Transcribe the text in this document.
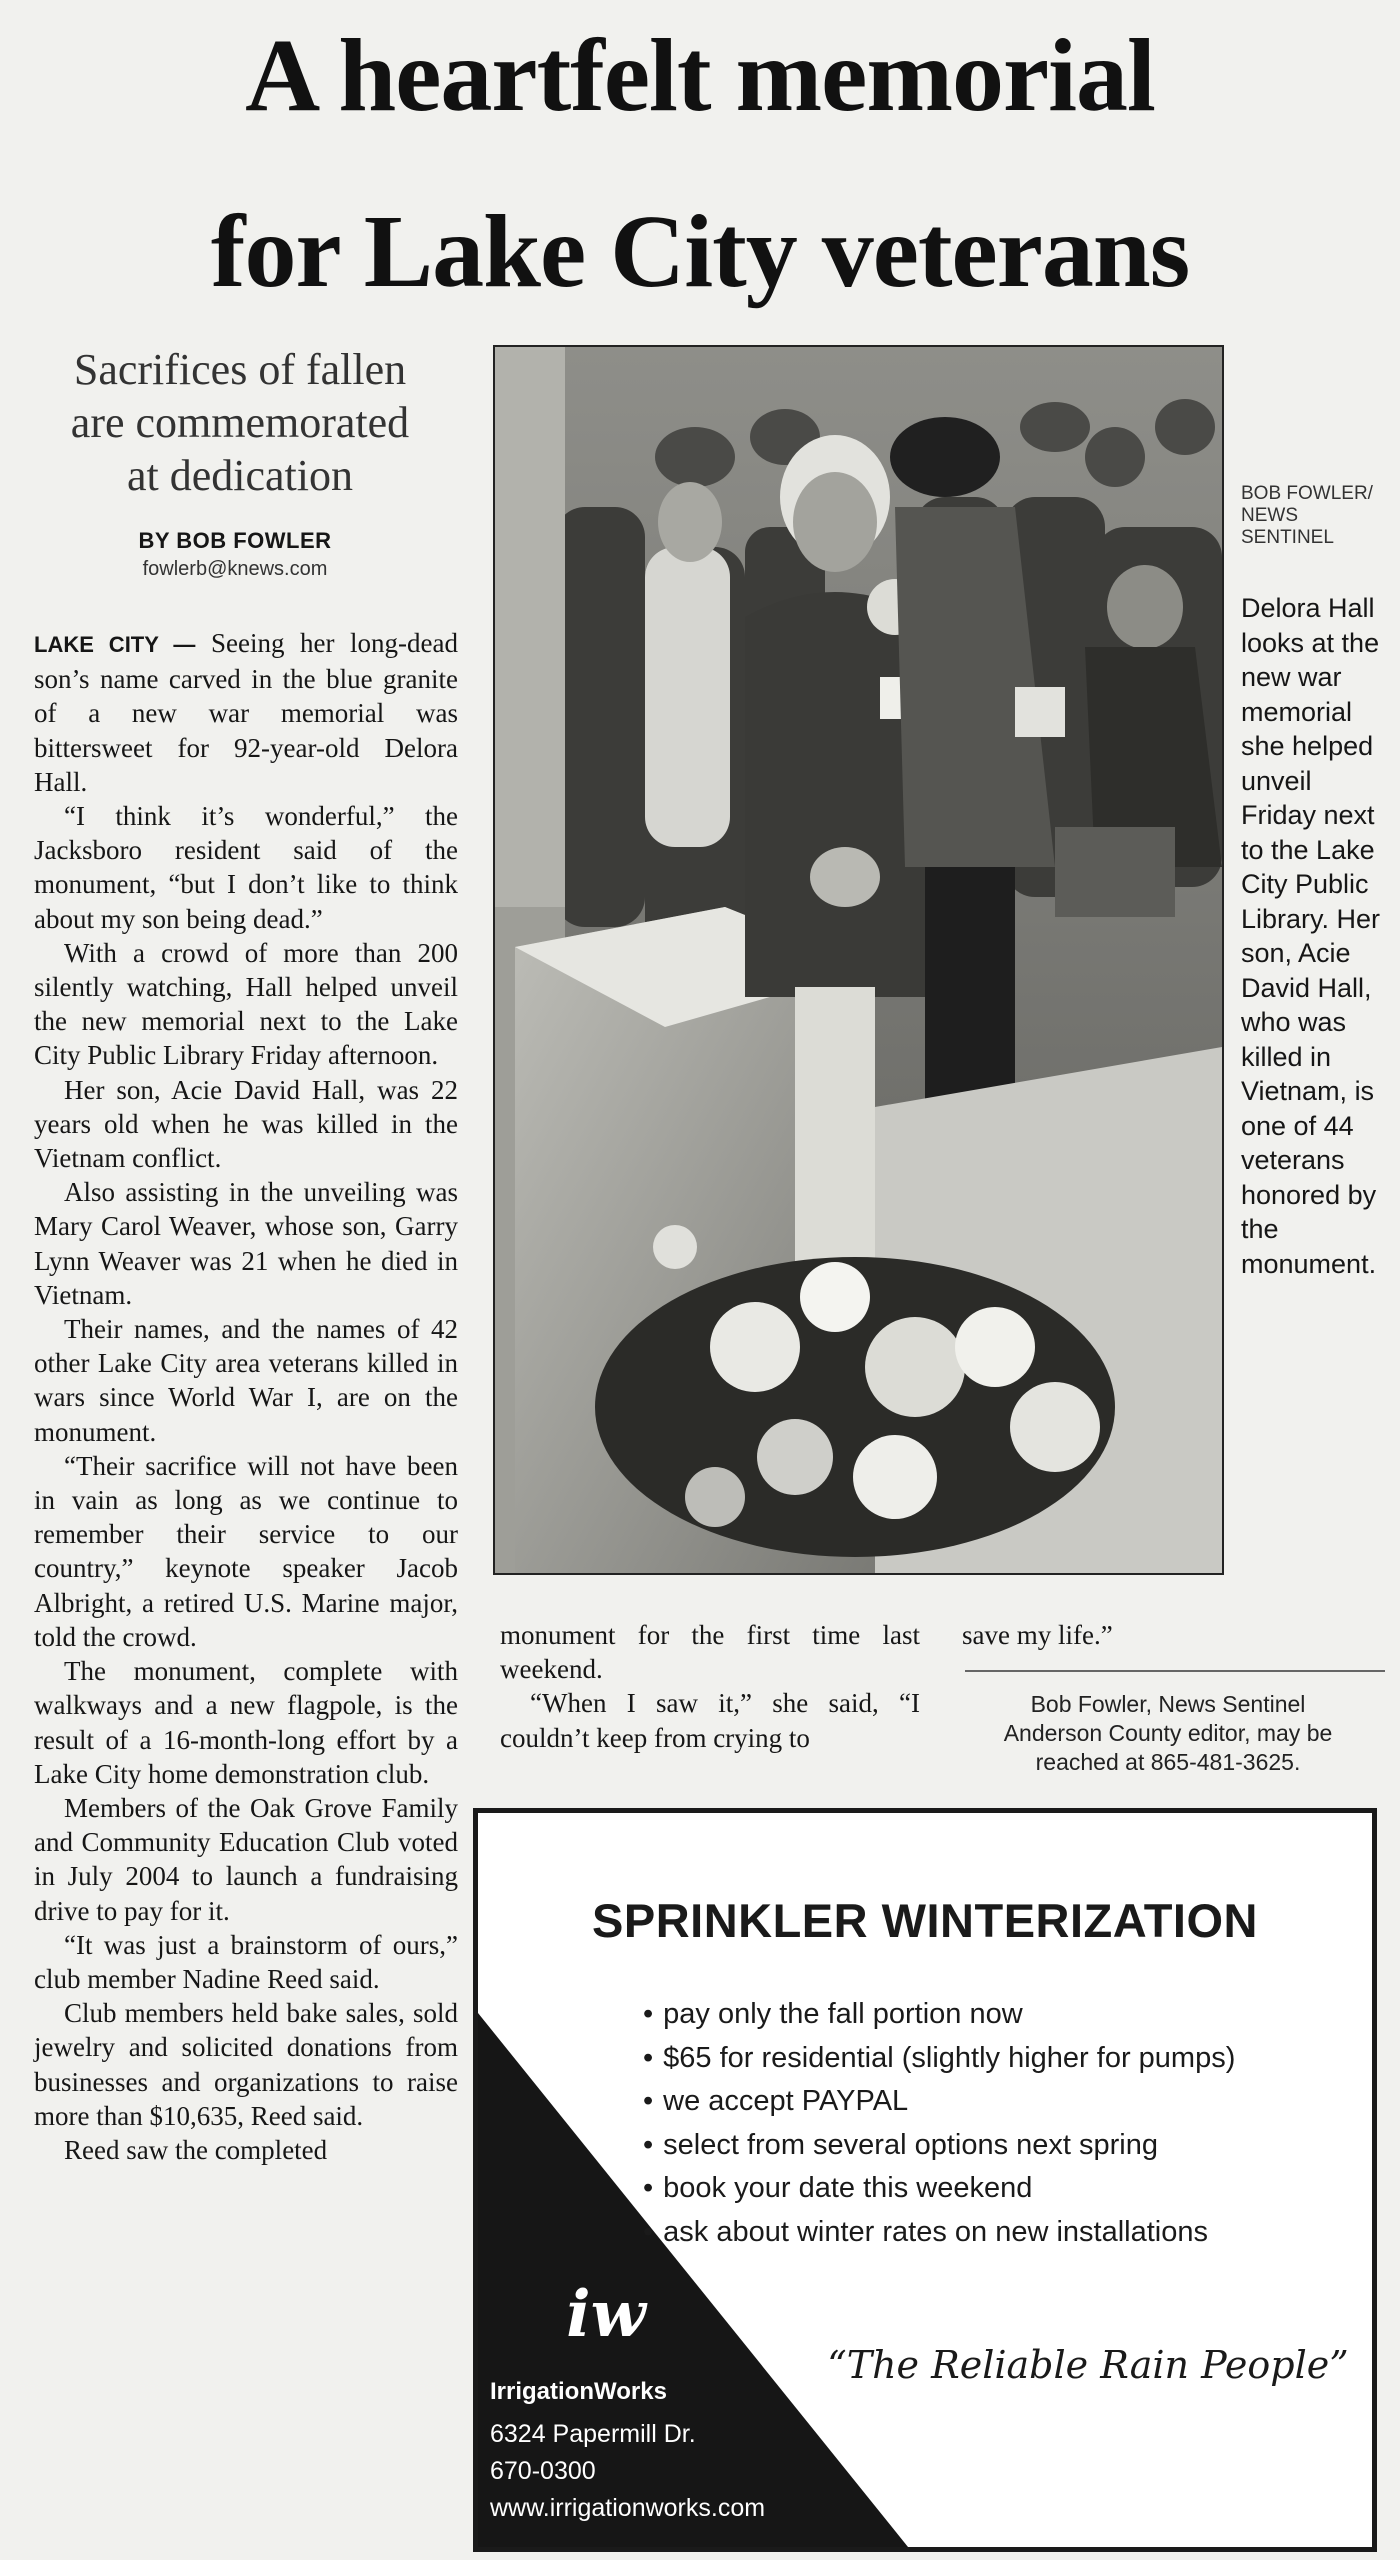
A heartfelt memorial
for Lake City veterans
Sacrifices of fallen
are commemorated
at dedication
BY BOB FOWLER
fowlerb@knews.com

LAKE CITY — Seeing her long-dead son’s name carved in the blue granite of a new war memorial was bittersweet for 92-year-old Delora Hall.

“I think it’s wonderful,” the Jacksboro resident said of the monument, “but I don’t like to think about my son being dead.”

With a crowd of more than 200 silently watching, Hall helped unveil the new memorial next to the Lake City Public Library Friday afternoon.

Her son, Acie David Hall, was 22 years old when he was killed in the Vietnam conflict.

Also assisting in the unveiling was Mary Carol Weaver, whose son, Garry Lynn Weaver was 21 when he died in Vietnam.

Their names, and the names of 42 other Lake City area veterans killed in wars since World War I, are on the monument.

“Their sacrifice will not have been in vain as long as we continue to remember their service to our country,” keynote speaker Jacob Albright, a retired U.S. Marine major, told the crowd.

The monument, complete with walkways and a new flagpole, is the result of a 16-month-long effort by a Lake City home demonstration club.

Members of the Oak Grove Family and Community Education Club voted in July 2004 to launch a fundraising drive to pay for it.

“It was just a brainstorm of ours,” club member Nadine Reed said.

Club members held bake sales, sold jewelry and solicited donations from businesses and organizations to raise more than $10,635, Reed said.

Reed saw the completed

monument for the first time last weekend.

“When I saw it,” she said, “I couldn’t keep from crying to

save my life.”

Bob Fowler, News Sentinel
Anderson County editor, may be
reached at 865-481-3625.
BOB FOWLER/ NEWS SENTINEL
Delora Hall looks at the new war memorial she helped unveil Friday next to the Lake City Public Library. Her son, Acie David Hall, who was killed in Vietnam, is one of 44 veterans honored by the monument.
SPRINKLER WINTERIZATION
• pay only the fall portion now
• $65 for residential (slightly higher for pumps)
• we accept PAYPAL
• select from several options next spring
• book your date this weekend
• ask about winter rates on new installations
iw
IrrigationWorks
6324 Papermill Dr.
670-0300
www.irrigationworks.com
“The Reliable Rain People”
